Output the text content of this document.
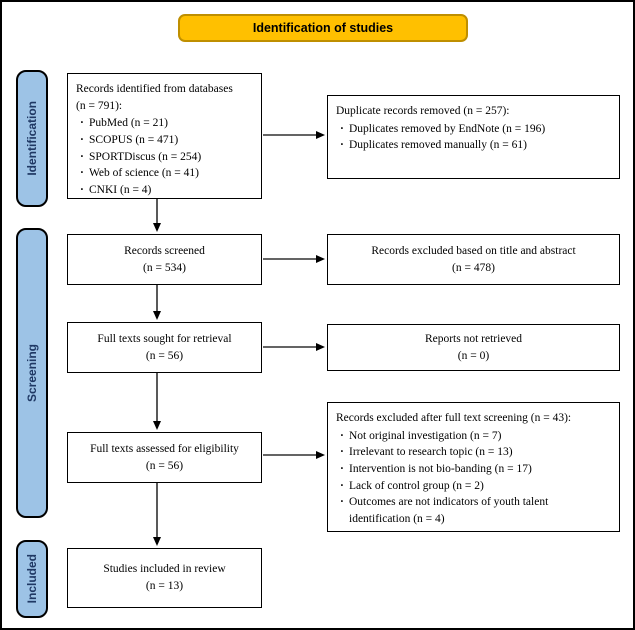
Identification of studies
Identification
Screening
Included
Records identified from databases
(n = 791):
· PubMed (n = 21)
· SCOPUS (n = 471)
· SPORTDiscus (n = 254)
· Web of science (n = 41)
· CNKI (n = 4)
Records screened
(n = 534)
Full texts sought for retrieval
(n = 56)
Full texts assessed for eligibility
(n = 56)
Studies included in review
(n = 13)
Duplicate records removed (n = 257):
· Duplicates removed by EndNote (n = 196)
· Duplicates removed manually (n = 61)
Records excluded based on title and abstract
(n = 478)
Reports not retrieved
(n = 0)
Records excluded after full text screening (n = 43):
· Not original investigation (n = 7)
· Irrelevant to research topic (n = 13)
· Intervention is not bio-banding (n = 17)
· Lack of control group (n = 2)
· Outcomes are not indicators of youth talent identification (n = 4)
